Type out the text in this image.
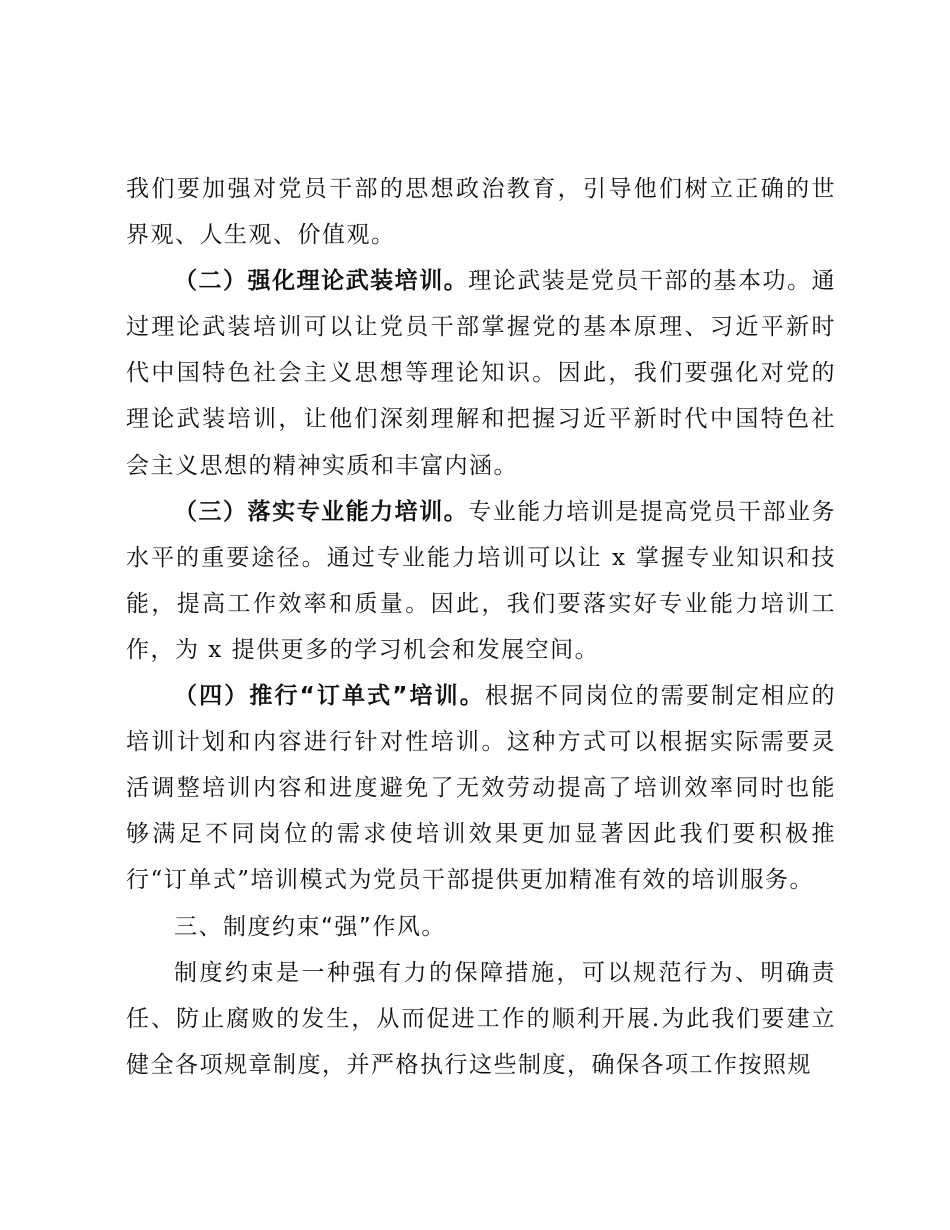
我们要加强对党员干部的思想政治教育，引导他们树立正确的世界观、人生观、价值观。

（二）强化理论武装培训。理论武装是党员干部的基本功。通过理论武装培训可以让党员干部掌握党的基本原理、习近平新时代中国特色社会主义思想等理论知识。因此，我们要强化对党的理论武装培训，让他们深刻理解和把握习近平新时代中国特色社会主义思想的精神实质和丰富内涵。

（三）落实专业能力培训。专业能力培训是提高党员干部业务水平的重要途径。通过专业能力培训可以让 x 掌握专业知识和技能，提高工作效率和质量。因此，我们要落实好专业能力培训工作，为 x 提供更多的学习机会和发展空间。

（四）推行“订单式”培训。根据不同岗位的需要制定相应的培训计划和内容进行针对性培训。这种方式可以根据实际需要灵活调整培训内容和进度避免了无效劳动提高了培训效率同时也能够满足不同岗位的需求使培训效果更加显著因此我们要积极推行“订单式”培训模式为党员干部提供更加精准有效的培训服务。

三、制度约束“强”作风。

制度约束是一种强有力的保障措施，可以规范行为、明确责任、防止腐败的发生，从而促进工作的顺利开展.为此我们要建立健全各项规章制度，并严格执行这些制度，确保各项工作按照规
